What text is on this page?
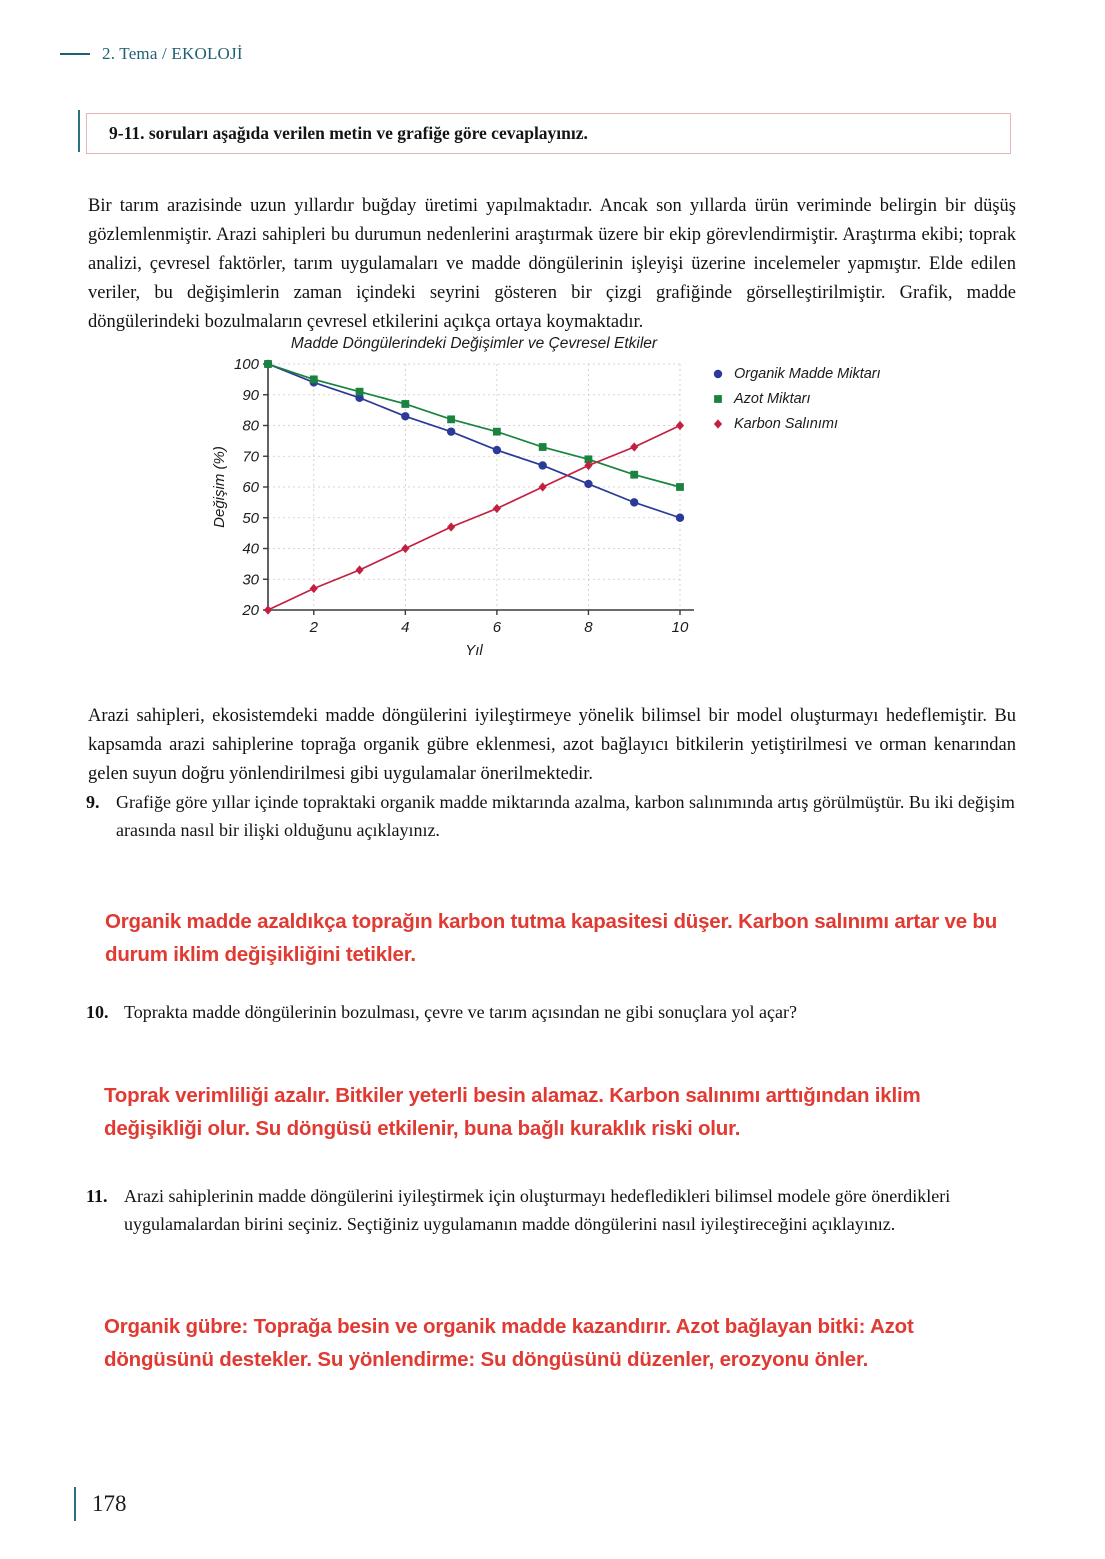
2. Tema / EKOLOJİ
9-11. soruları aşağıda verilen metin ve grafiğe göre cevaplayınız.

Bir tarım arazisinde uzun yıllardır buğday üretimi yapılmaktadır. Ancak son yıllarda ürün veriminde belirgin bir düşüş gözlemlenmiştir. Arazi sahipleri bu durumun nedenlerini araştırmak üzere bir ekip görevlendirmiştir. Araştırma ekibi; toprak analizi, çevresel faktörler, tarım uygulamaları ve madde döngülerinin işleyişi üzerine incelemeler yapmıştır. Elde edilen veriler, bu değişimlerin zaman içindeki seyrini gösteren bir çizgi grafiğinde görselleştirilmiştir. Grafik, madde döngülerindeki bozulmaların çevresel etkilerini açıkça ortaya koymaktadır.

Madde Döngülerindeki Değişimler ve Çevresel Etkiler
20
30
40
50
60
70
80
90
100
2	4	6	8	10
Yıl
Değişim (%)
Organik Madde Miktarı
Azot Miktarı
Karbon Salınımı

Arazi sahipleri, ekosistemdeki madde döngülerini iyileştirmeye yönelik bilimsel bir model oluşturmayı hedeflemiştir. Bu kapsamda arazi sahiplerine toprağa organik gübre eklenmesi, azot bağlayıcı bitkilerin yetiştirilmesi ve orman kenarından gelen suyun doğru yönlendirilmesi gibi uygulamalar önerilmektedir.

9. Grafiğe göre yıllar içinde topraktaki organik madde miktarında azalma, karbon salınımında artış görülmüştür. Bu iki değişim arasında nasıl bir ilişki olduğunu açıklayınız.
Organik madde azaldıkça toprağın karbon tutma kapasitesi düşer. Karbon salınımı artar ve bu durum iklim değişikliğini tetikler.
10. Toprakta madde döngülerinin bozulması, çevre ve tarım açısından ne gibi sonuçlara yol açar?
Toprak verimliliği azalır. Bitkiler yeterli besin alamaz. Karbon salınımı arttığından iklim değişikliği olur. Su döngüsü etkilenir, buna bağlı kuraklık riski olur.
11. Arazi sahiplerinin madde döngülerini iyileştirmek için oluşturmayı hedefledikleri bilimsel modele göre önerdikleri uygulamalardan birini seçiniz. Seçtiğiniz uygulamanın madde döngülerini nasıl iyileştireceğini açıklayınız.
Organik gübre: Toprağa besin ve organik madde kazandırır. Azot bağlayan bitki: Azot döngüsünü destekler. Su yönlendirme: Su döngüsünü düzenler, erozyonu önler.
178
